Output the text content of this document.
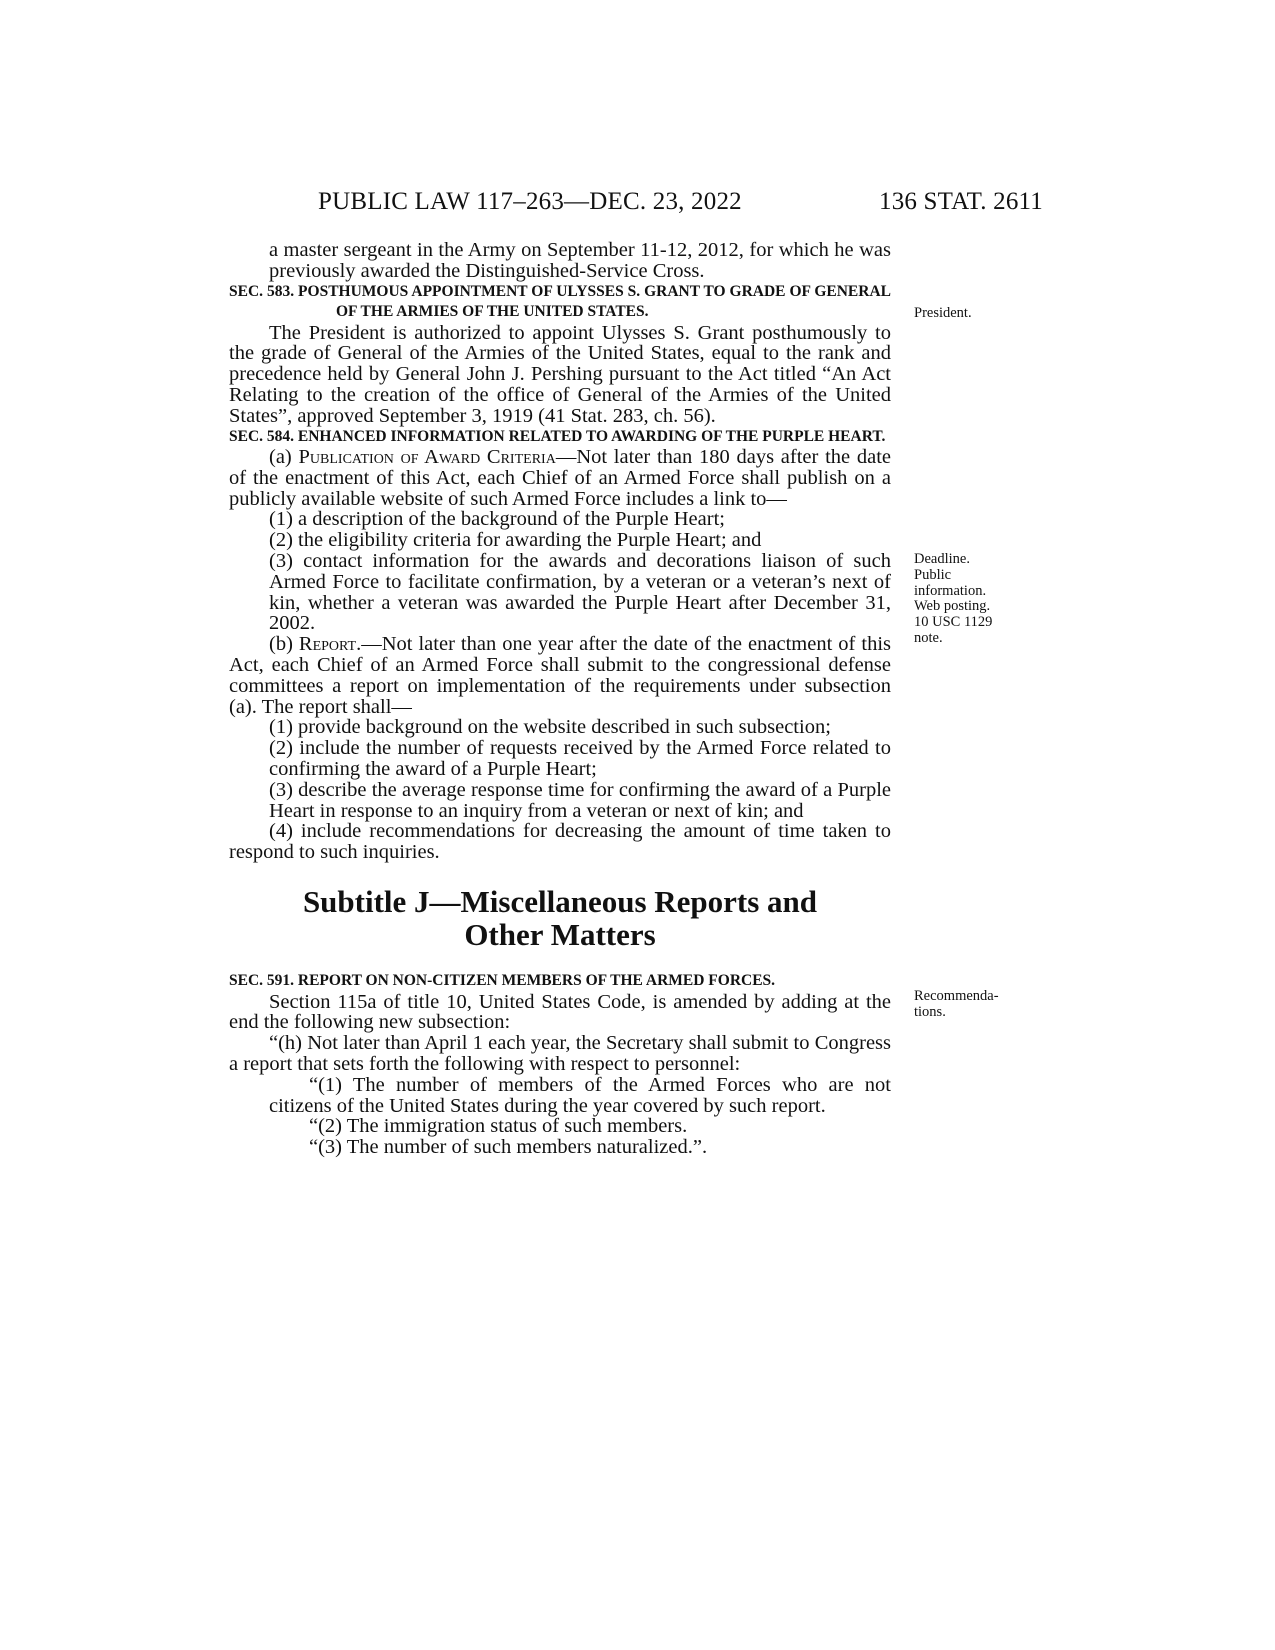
PUBLIC LAW 117–263—DEC. 23, 2022	136 STAT. 2611

a master sergeant in the Army on September 11-12, 2012, for which he was previously awarded the Distinguished-Service Cross.

SEC. 583. POSTHUMOUS APPOINTMENT OF ULYSSES S. GRANT TO GRADE OF GENERAL OF THE ARMIES OF THE UNITED STATES.

The President is authorized to appoint Ulysses S. Grant posthumously to the grade of General of the Armies of the United States, equal to the rank and precedence held by General John J. Pershing pursuant to the Act titled “An Act Relating to the creation of the office of General of the Armies of the United States”, approved September 3, 1919 (41 Stat. 283, ch. 56).

SEC. 584. ENHANCED INFORMATION RELATED TO AWARDING OF THE PURPLE HEART.

(a) Publication of Award Criteria—Not later than 180 days after the date of the enactment of this Act, each Chief of an Armed Force shall publish on a publicly available website of such Armed Force includes a link to—

(1) a description of the background of the Purple Heart;

(2) the eligibility criteria for awarding the Purple Heart; and

(3) contact information for the awards and decorations liaison of such Armed Force to facilitate confirmation, by a veteran or a veteran’s next of kin, whether a veteran was awarded the Purple Heart after December 31, 2002.

(b) Report.—Not later than one year after the date of the enactment of this Act, each Chief of an Armed Force shall submit to the congressional defense committees a report on implementation of the requirements under subsection (a). The report shall—

(1) provide background on the website described in such subsection;

(2) include the number of requests received by the Armed Force related to confirming the award of a Purple Heart;

(3) describe the average response time for confirming the award of a Purple Heart in response to an inquiry from a veteran or next of kin; and

(4) include recommendations for decreasing the amount of time taken to respond to such inquiries.

Subtitle J—Miscellaneous Reports and
Other Matters

SEC. 591. REPORT ON NON-CITIZEN MEMBERS OF THE ARMED FORCES.

Section 115a of title 10, United States Code, is amended by adding at the end the following new subsection:

“(h) Not later than April 1 each year, the Secretary shall submit to Congress a report that sets forth the following with respect to personnel:

“(1) The number of members of the Armed Forces who are not citizens of the United States during the year covered by such report.

“(2) The immigration status of such members.

“(3) The number of such members naturalized.”.

President.
Deadline.
Public
information.
Web posting.
10 USC 1129
note.
Recommenda-
tions.
